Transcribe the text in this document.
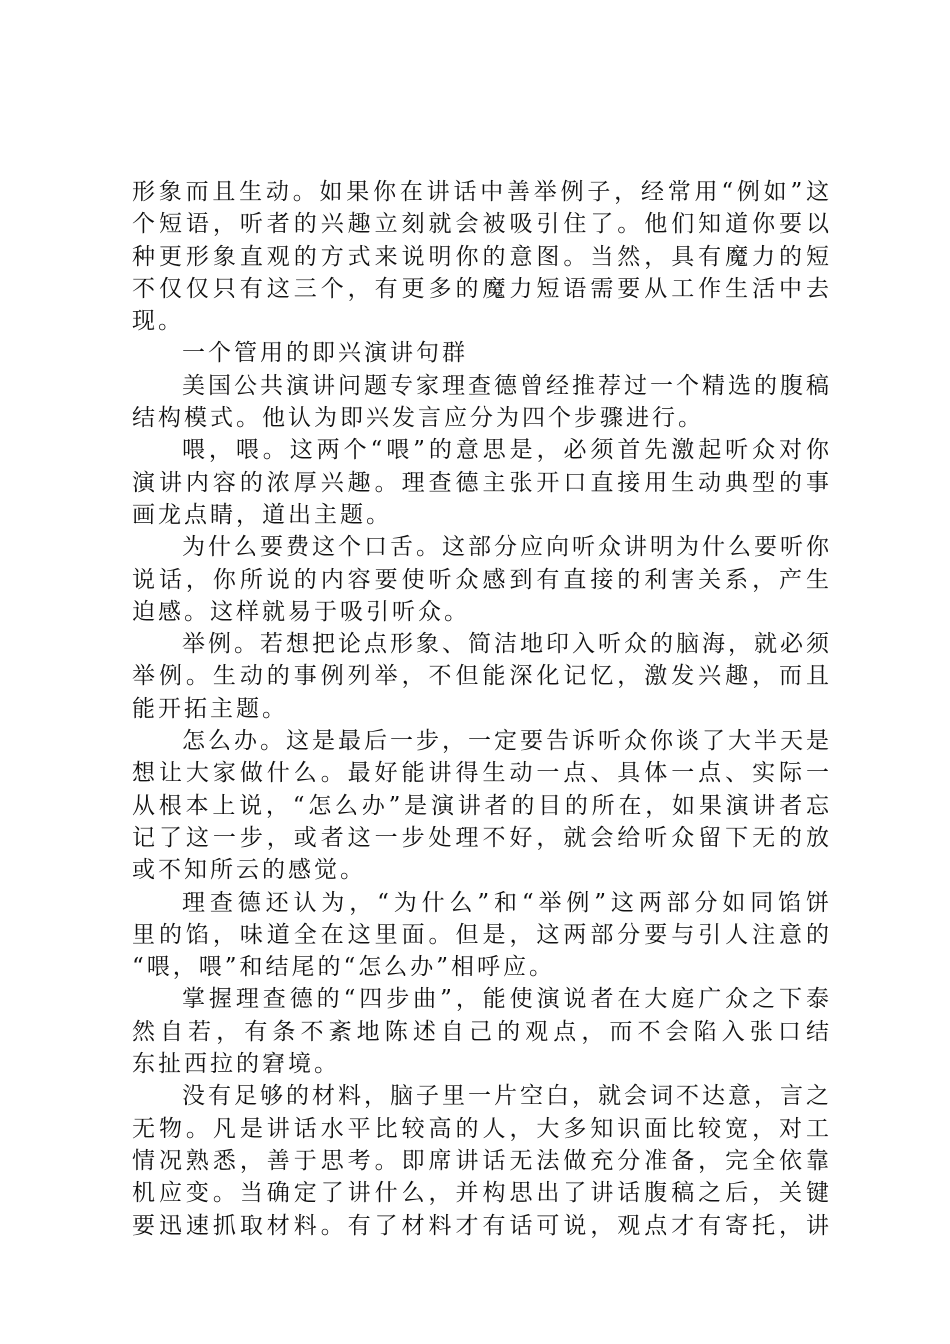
形象而且生动。如果你在讲话中善举例子，经常用“例如”这
个短语，听者的兴趣立刻就会被吸引住了。他们知道你要以
种更形象直观的方式来说明你的意图。当然，具有魔力的短
不仅仅只有这三个，有更多的魔力短语需要从工作生活中去
现。
一个管用的即兴演讲句群
美国公共演讲问题专家理查德曾经推荐过一个精选的腹稿
结构模式。他认为即兴发言应分为四个步骤进行。
喂，喂。这两个“喂”的意思是，必须首先激起听众对你
演讲内容的浓厚兴趣。理查德主张开口直接用生动典型的事
画龙点睛，道出主题。
为什么要费这个口舌。这部分应向听众讲明为什么要听你
说话，你所说的内容要使听众感到有直接的利害关系，产生
迫感。这样就易于吸引听众。
举例。若想把论点形象、简洁地印入听众的脑海，就必须
举例。生动的事例列举，不但能深化记忆，激发兴趣，而且
能开拓主题。
怎么办。这是最后一步，一定要告诉听众你谈了大半天是
想让大家做什么。最好能讲得生动一点、具体一点、实际一
从根本上说，“怎么办”是演讲者的目的所在，如果演讲者忘
记了这一步，或者这一步处理不好，就会给听众留下无的放
或不知所云的感觉。
理查德还认为，“为什么”和“举例”这两部分如同馅饼
里的馅，味道全在这里面。但是，这两部分要与引人注意的
“喂，喂”和结尾的“怎么办”相呼应。
掌握理查德的“四步曲”，能使演说者在大庭广众之下泰
然自若，有条不紊地陈述自己的观点，而不会陷入张口结
东扯西拉的窘境。
没有足够的材料，脑子里一片空白，就会词不达意，言之
无物。凡是讲话水平比较高的人，大多知识面比较宽，对工
情况熟悉，善于思考。即席讲话无法做充分准备，完全依靠
机应变。当确定了讲什么，并构思出了讲话腹稿之后，关键
要迅速抓取材料。有了材料才有话可说，观点才有寄托，讲
